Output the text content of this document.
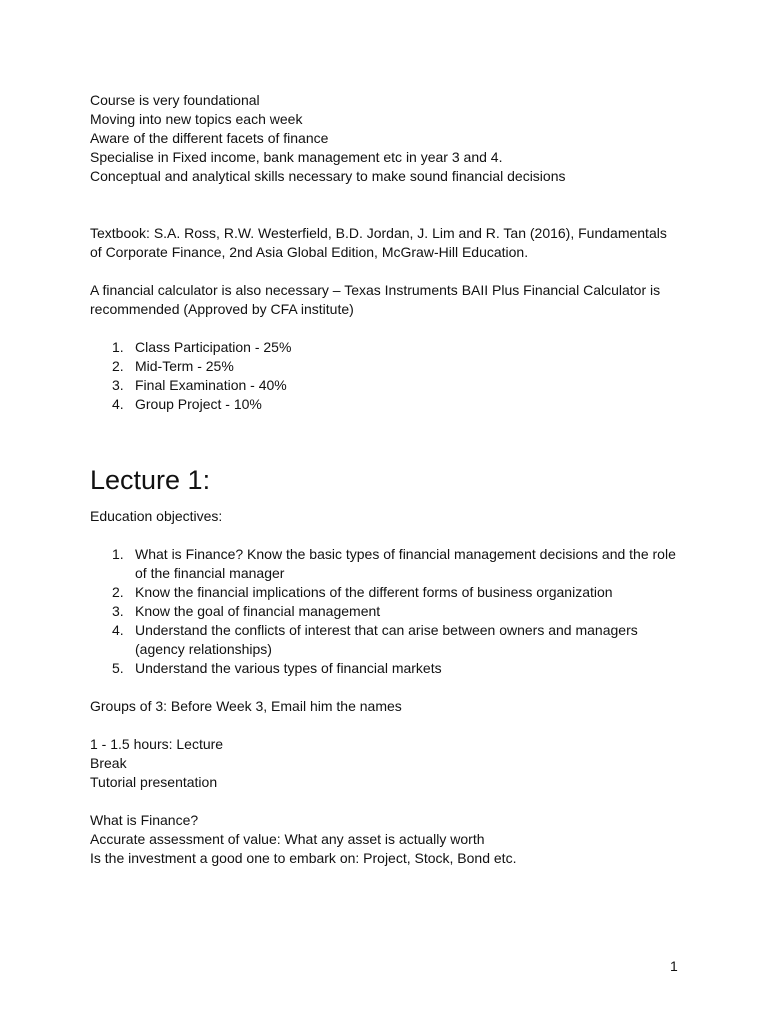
Course is very foundational

Moving into new topics each week

Aware of the different facets of finance

Specialise in Fixed income, bank management etc in year 3 and 4.

Conceptual and analytical skills necessary to make sound financial decisions

Textbook: S.A. Ross, R.W. Westerfield, B.D. Jordan, J. Lim and R. Tan (2016), Fundamentals

of Corporate Finance, 2nd Asia Global Edition, McGraw-Hill Education.

A financial calculator is also necessary – Texas Instruments BAII Plus Financial Calculator is

recommended (Approved by CFA institute)

1. Class Participation - 25%
2. Mid-Term - 25%
3. Final Examination - 40%
4. Group Project - 10%
Lecture 1:

Education objectives:

1. What is Finance? Know the basic types of financial management decisions and the role
of the financial manager
2. Know the financial implications of the different forms of business organization
3. Know the goal of financial management
4. Understand the conflicts of interest that can arise between owners and managers
(agency relationships)
5. Understand the various types of financial markets

Groups of 3: Before Week 3, Email him the names

1 - 1.5 hours: Lecture

Break

Tutorial presentation

What is Finance?

Accurate assessment of value: What any asset is actually worth

Is the investment a good one to embark on: Project, Stock, Bond etc.

1
